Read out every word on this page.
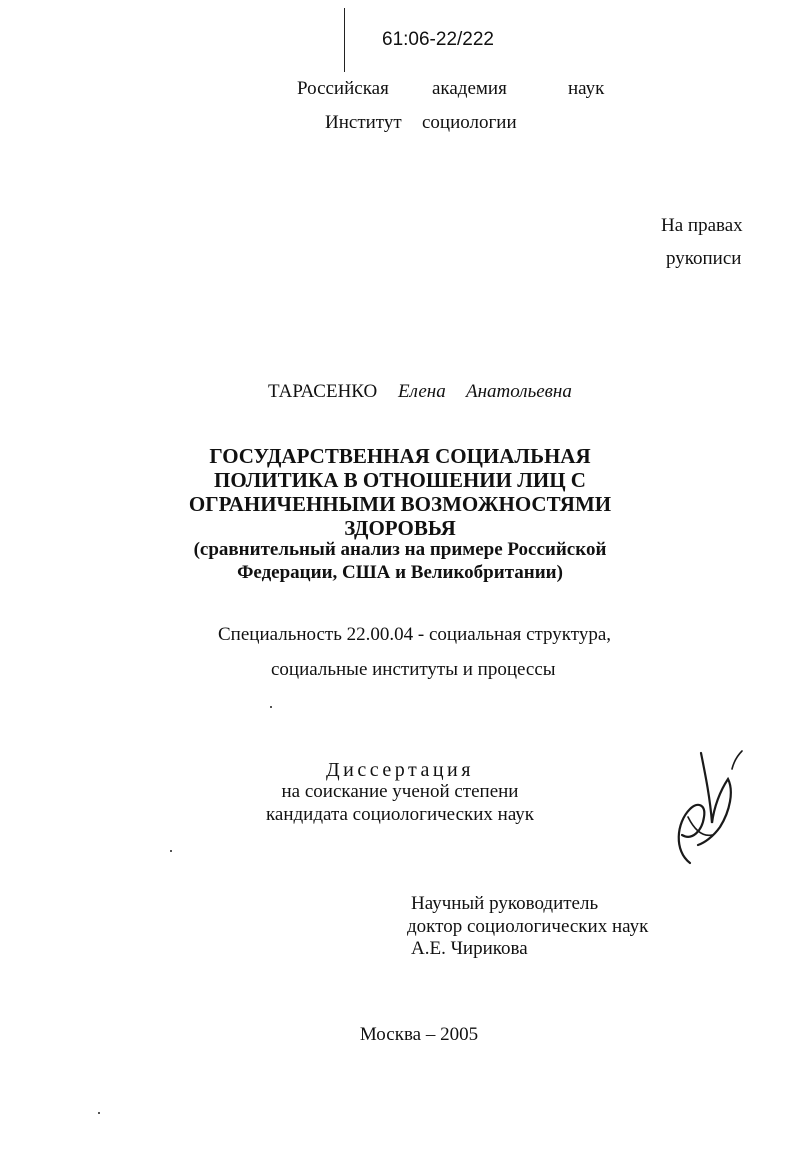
61:06-22/222
Российская академия	наук
Институт социологии
На правах
рукописи
ТАРАСЕНКО Елена Анатольевна
ГОСУДАРСТВЕННАЯ СОЦИАЛЬНАЯ
ПОЛИТИКА В ОТНОШЕНИИ ЛИЦ С
ОГРАНИЧЕННЫМИ ВОЗМОЖНОСТЯМИ
ЗДОРОВЬЯ
(сравнительный анализ на примере Российской
Федерации, США и Великобритании)
Специальность 22.00.04 - социальная структура,
социальные институты и процессы
Диссертация
на соискание ученой степени
кандидата социологических наук
Научный руководитель
доктор социологических наук
А.Е. Чирикова
Москва – 2005
